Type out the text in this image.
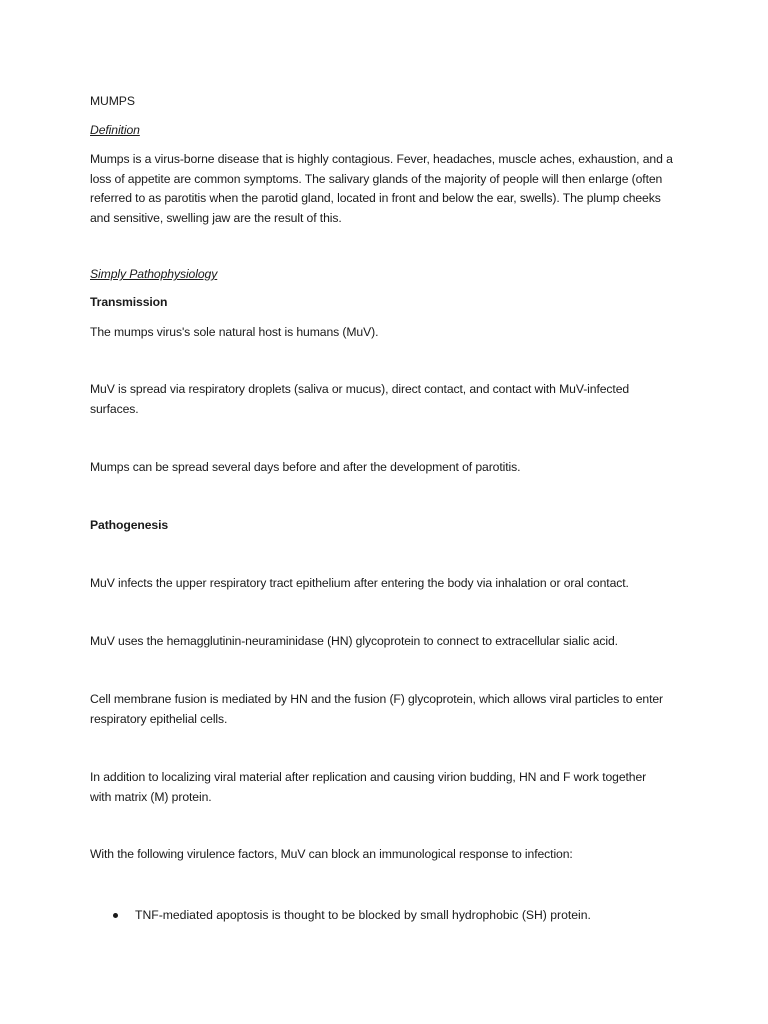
MUMPS

Definition

Mumps is a virus-borne disease that is highly contagious. Fever, headaches, muscle aches, exhaustion, and a loss of appetite are common symptoms. The salivary glands of the majority of people will then enlarge (often referred to as parotitis when the parotid gland, located in front and below the ear, swells). The plump cheeks and sensitive, swelling jaw are the result of this.

Simply Pathophysiology

Transmission

The mumps virus's sole natural host is humans (MuV).

MuV is spread via respiratory droplets (saliva or mucus), direct contact, and contact with MuV-infected surfaces.

Mumps can be spread several days before and after the development of parotitis.

Pathogenesis

MuV infects the upper respiratory tract epithelium after entering the body via inhalation or oral contact.

MuV uses the hemagglutinin-neuraminidase (HN) glycoprotein to connect to extracellular sialic acid.

Cell membrane fusion is mediated by HN and the fusion (F) glycoprotein, which allows viral particles to enter respiratory epithelial cells.

In addition to localizing viral material after replication and causing virion budding, HN and F work together with matrix (M) protein.

With the following virulence factors, MuV can block an immunological response to infection:

TNF-mediated apoptosis is thought to be blocked by small hydrophobic (SH) protein.
